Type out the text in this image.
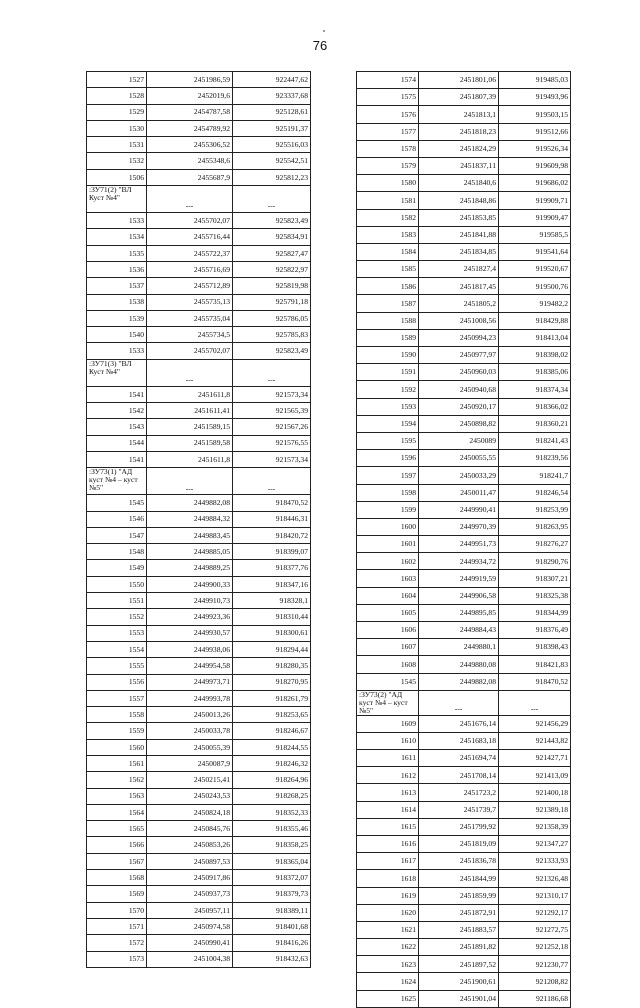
76
1527	2451986,59	922447,62
1528	2452019,6	923337,68
1529	2454787,58	925128,61
1530	2454789,92	925191,37
1531	2455306,52	925516,03
1532	2455348,6	925542,51
1506	2455687,9	925812,23
:ЗУ71(2) "ВЛ Куст №4"	---	---
1533	2455702,07	925823,49
1534	2455716,44	925834,91
1535	2455722,37	925827,47
1536	2455716,69	925822,97
1537	2455712,89	925819,98
1538	2455735,13	925791,18
1539	2455735,04	925786,05
1540	2455734,5	925785,83
1533	2455702,07	925823,49
:ЗУ71(3) "ВЛ Куст №4"	---	---
1541	2451611,8	921573,34
1542	2451611,41	921565,39
1543	2451589,15	921567,26
1544	2451589,58	921576,55
1541	2451611,8	921573,34
:ЗУ73(1) "АД куст №4 – куст №5"	---	---
1545	2449882,08	918470,52
1546	2449884,32	918446,31
1547	2449883,45	918420,72
1548	2449885,05	918399,07
1549	2449889,25	918377,76
1550	2449900,33	918347,16
1551	2449910,73	918328,1
1552	2449923,36	918310,44
1553	2449930,57	918300,61
1554	2449938,06	918294,44
1555	2449954,58	918280,35
1556	2449973,71	918270,95
1557	2449993,78	918261,79
1558	2450013,26	918253,65
1559	2450033,78	918246,67
1560	2450055,39	918244,55
1561	2450087,9	918246,32
1562	2450215,41	918264,96
1563	2450243,53	918268,25
1564	2450824,18	918352,33
1565	2450845,76	918355,46
1566	2450853,26	918358,25
1567	2450897,53	918365,04
1568	2450917,86	918372,07
1569	2450937,73	918379,73
1570	2450957,11	918389,11
1571	2450974,58	918401,68
1572	2450990,41	918416,26
1573	2451004,38	918432,63
1574	2451801,06	919485,03
1575	2451807,39	919493,96
1576	2451813,1	919503,15
1577	2451818,23	919512,66
1578	2451824,29	919526,34
1579	2451837,11	919609,98
1580	2451840,6	919686,02
1581	2451848,86	919909,71
1582	2451853,85	919909,47
1583	2451841,88	919585,5
1584	2451834,85	919541,64
1585	2451827,4	919520,67
1586	2451817,45	919500,76
1587	2451805,2	919482,2
1588	2451008,56	918429,88
1589	2450994,23	918413,04
1590	2450977,97	918398,02
1591	2450960,03	918385,06
1592	2450940,68	918374,34
1593	2450920,17	918366,02
1594	2450898,82	918360,21
1595	2450089	918241,43
1596	2450055,55	918239,56
1597	2450033,29	918241,7
1598	2450011,47	918246,54
1599	2449990,41	918253,99
1600	2449970,39	918263,95
1601	2449951,73	918276,27
1602	2449934,72	918290,76
1603	2449919,59	918307,21
1604	2449906,58	918325,38
1605	2449895,85	918344,99
1606	2449884,43	918376,49
1607	2449880,1	918398,43
1608	2449880,08	918421,83
1545	2449882,08	918470,52
:ЗУ73(2) "АД куст №4 – куст №5"	---	---
1609	2451676,14	921456,29
1610	2451683,18	921443,82
1611	2451694,74	921427,71
1612	2451708,14	921413,09
1613	2451723,2	921400,18
1614	2451739,7	921389,18
1615	2451799,92	921358,39
1616	2451819,09	921347,27
1617	2451836,78	921333,93
1618	2451844,99	921326,48
1619	2451859,99	921310,17
1620	2451872,91	921292,17
1621	2451883,57	921272,75
1622	2451891,82	921252,18
1623	2451897,52	921230,77
1624	2451900,61	921208,82
1625	2451901,04	921186,68
